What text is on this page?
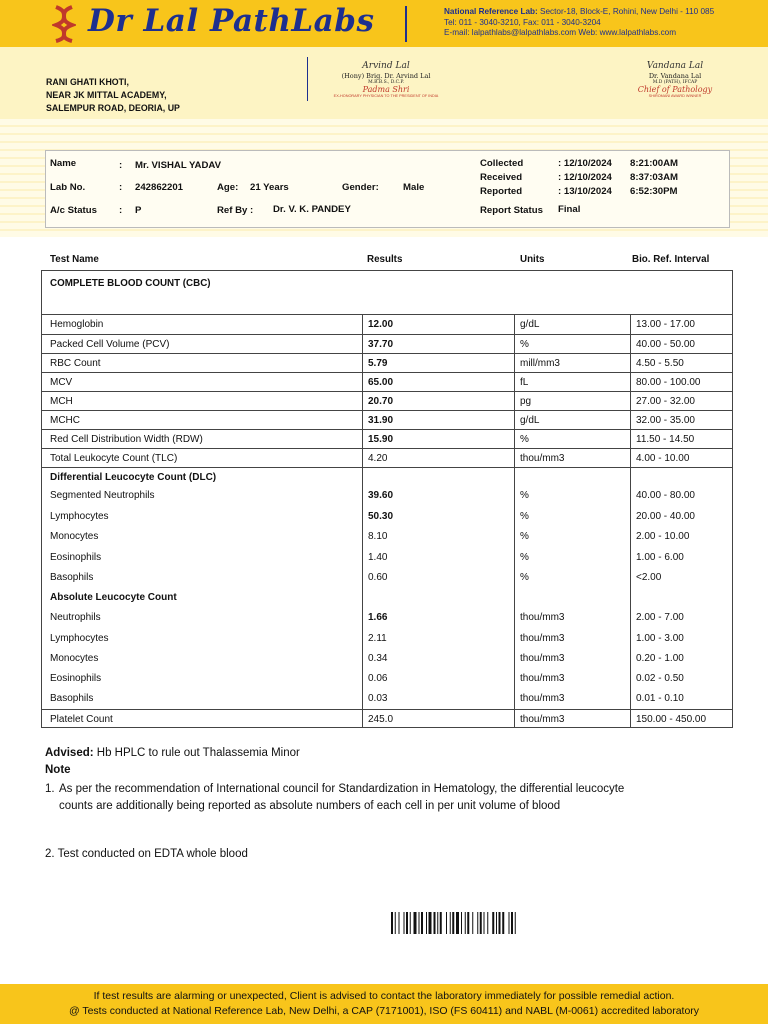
Dr Lal PathLabs	National Reference Lab: Sector-18, Block-E, Rohini, New Delhi - 110 085
Tel: 011 - 3040-3210, Fax: 011 - 3040-3204
E-mail: lalpathlabs@lalpathlabs.com Web: www.lalpathlabs.com
RANI GHATI KHOTI,
NEAR JK MITTAL ACADEMY,
SALEMPUR ROAD, DEORIA, UP
Arvind Lal
(Hony) Brig. Dr. Arvind Lal
M.B.B.S., D.C.P.
Padma Shri
EX-HONORARY PHYSICIAN TO THE PRESIDENT OF INDIA
Vandana Lal
Dr. Vandana Lal
M.D (PATH), IFCAP
Chief of Pathology
SHIROMANI AWARD WINNER
Name	: Mr. VISHAL YADAV
Lab No.	: 242862201	Age: 21 Years	Gender:	Male
A/c Status : P	Ref By : Dr. V. K. PANDEY
Collected	: 12/10/2024 8:21:00AM
Received	: 12/10/2024 8:37:03AM
Reported	: 13/10/2024 6:52:30PM
Report Status Final
Test Name	Results	Units	Bio. Ref. Interval
COMPLETE BLOOD COUNT (CBC)
Hemoglobin	12.00	g/dL	13.00 - 17.00
Packed Cell Volume (PCV)	37.70	%	40.00 - 50.00
RBC Count	5.79	mill/mm3	4.50 - 5.50
MCV	65.00	fL	80.00 - 100.00
MCH	20.70	pg	27.00 - 32.00
MCHC	31.90	g/dL	32.00 - 35.00
Red Cell Distribution Width (RDW)	15.90	%	11.50 - 14.50
Total Leukocyte Count (TLC)	4.20	thou/mm3	4.00 - 10.00
Differential Leucocyte Count (DLC)
Segmented Neutrophils	39.60	%	40.00 - 80.00
Lymphocytes	50.30	%	20.00 - 40.00
Monocytes	8.10	%	2.00 - 10.00
Eosinophils	1.40	%	1.00 - 6.00
Basophils	0.60	%	<2.00
Absolute Leucocyte Count
Neutrophils	1.66	thou/mm3	2.00 - 7.00
Lymphocytes	2.11	thou/mm3	1.00 - 3.00
Monocytes	0.34	thou/mm3	0.20 - 1.00
Eosinophils	0.06	thou/mm3	0.02 - 0.50
Basophils	0.03	thou/mm3	0.01 - 0.10
Platelet Count	245.0	thou/mm3	150.00 - 450.00
Advised: Hb HPLC to rule out Thalassemia Minor
Note
1. As per the recommendation of International council for Standardization in Hematology, the differential leucocyte counts are additionally being reported as absolute numbers of each cell in per unit volume of blood
2. Test conducted on EDTA whole blood

If test results are alarming or unexpected, Client is advised to contact the laboratory immediately for possible remedial action.

@ Tests conducted at National Reference Lab, New Delhi, a CAP (7171001), ISO (FS 60411) and NABL (M-0061) accredited laboratory
